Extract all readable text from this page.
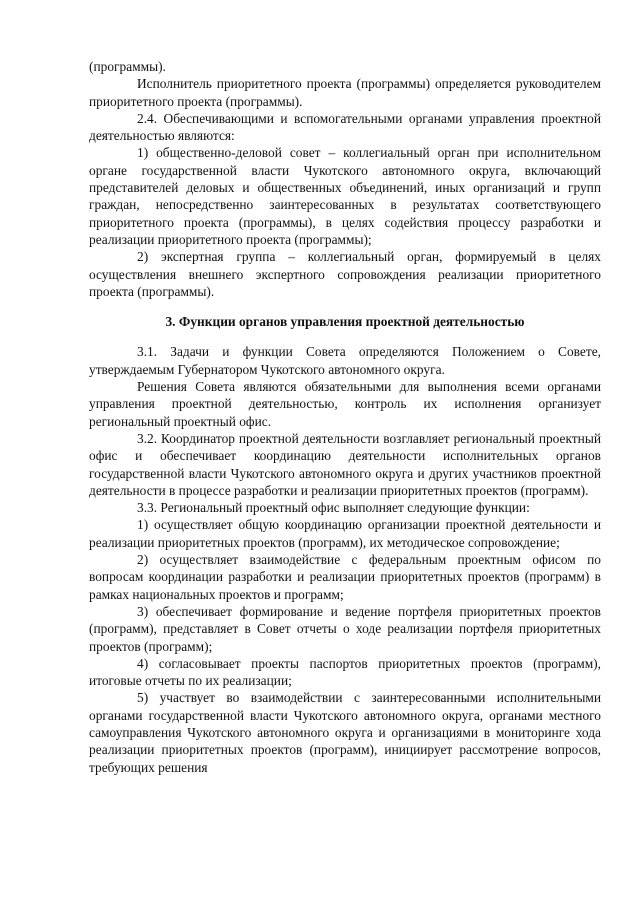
(программы).

Исполнитель приоритетного проекта (программы) определяется руководителем приоритетного проекта (программы).

2.4. Обеспечивающими и вспомогательными органами управления проектной деятельностью являются:

1) общественно-деловой совет – коллегиальный орган при исполнительном органе государственной власти Чукотского автономного округа, включающий представителей деловых и общественных объединений, иных организаций и групп граждан, непосредственно заинтересованных в результатах соответствующего приоритетного проекта (программы), в целях содействия процессу разработки и реализации приоритетного проекта (программы);

2) экспертная группа – коллегиальный орган, формируемый в целях осуществления внешнего экспертного сопровождения реализации приоритетного проекта (программы).

3. Функции органов управления проектной деятельностью

3.1. Задачи и функции Совета определяются Положением о Совете, утверждаемым Губернатором Чукотского автономного округа.

Решения Совета являются обязательными для выполнения всеми органами управления проектной деятельностью, контроль их исполнения организует региональный проектный офис.

3.2. Координатор проектной деятельности возглавляет региональный проектный офис и обеспечивает координацию деятельности исполнительных органов государственной власти Чукотского автономного округа и других участников проектной деятельности в процессе разработки и реализации приоритетных проектов (программ).

3.3. Региональный проектный офис выполняет следующие функции:

1) осуществляет общую координацию организации проектной деятельности и реализации приоритетных проектов (программ), их методическое сопровождение;

2) осуществляет взаимодействие с федеральным проектным офисом по вопросам координации разработки и реализации приоритетных проектов (программ) в рамках национальных проектов и программ;

3) обеспечивает формирование и ведение портфеля приоритетных проектов (программ), представляет в Совет отчеты о ходе реализации портфеля приоритетных проектов (программ);

4) согласовывает проекты паспортов приоритетных проектов (программ), итоговые отчеты по их реализации;

5) участвует во взаимодействии с заинтересованными исполнительными органами государственной власти Чукотского автономного округа, органами местного самоуправления Чукотского автономного округа и организациями в мониторинге хода реализации приоритетных проектов (программ), инициирует рассмотрение вопросов, требующих решения
